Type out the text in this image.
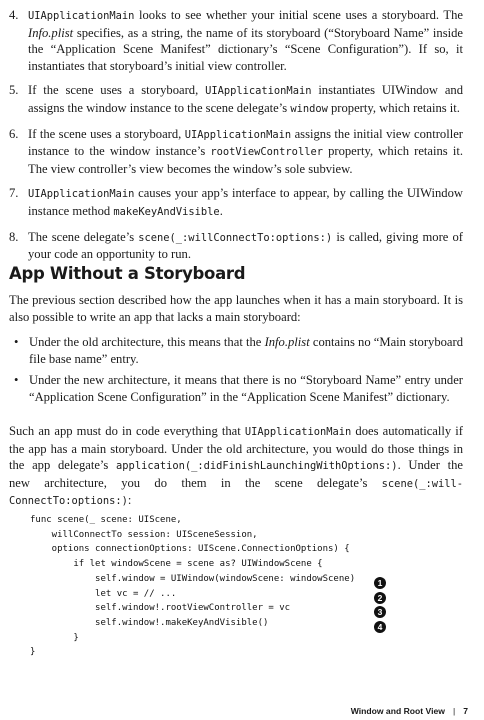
4. UIApplicationMain looks to see whether your initial scene uses a storyboard. The Info.plist specifies, as a string, the name of its storyboard (“Storyboard Name” inside the “Application Scene Manifest” dictionary’s “Scene Configuration”). If so, it instantiates that storyboard’s initial view controller.
5. If the scene uses a storyboard, UIApplicationMain instantiates UIWindow and assigns the window instance to the scene delegate’s window property, which retains it.
6. If the scene uses a storyboard, UIApplicationMain assigns the initial view controller instance to the window instance’s rootViewController property, which retains it. The view controller’s view becomes the window’s sole subview.
7. UIApplicationMain causes your app’s interface to appear, by calling the UIWindow instance method makeKeyAndVisible.
8. The scene delegate’s scene(_:willConnectTo:options:) is called, giving more of your code an opportunity to run.
App Without a Storyboard

The previous section described how the app launches when it has a main storyboard. It is also possible to write an app that lacks a main storyboard:

• Under the old architecture, this means that the Info.plist contains no “Main storyboard file base name” entry.
• Under the new architecture, it means that there is no “Storyboard Name” entry under “Application Scene Configuration” in the “Application Scene Manifest” dictionary.

Such an app must do in code everything that UIApplicationMain does automatically if the app has a main storyboard. Under the old architecture, you would do those things in the app delegate’s application(_:didFinishLaunchingWithOptions:). Under the new architecture, you do them in the scene delegate’s scene(_:will-ConnectTo:options:):

func scene(_ scene: UIScene,
willConnectTo session: UISceneSession,
options connectionOptions: UIScene.ConnectionOptions) {
if let windowScene = scene as? UIWindowScene {
self.window = UIWindow(windowScene: windowScene)
let vc = // ...
self.window!.rootViewController = vc
self.window!.makeKeyAndVisible()
}
}
1
2
3
4
Window and Root View | 7
